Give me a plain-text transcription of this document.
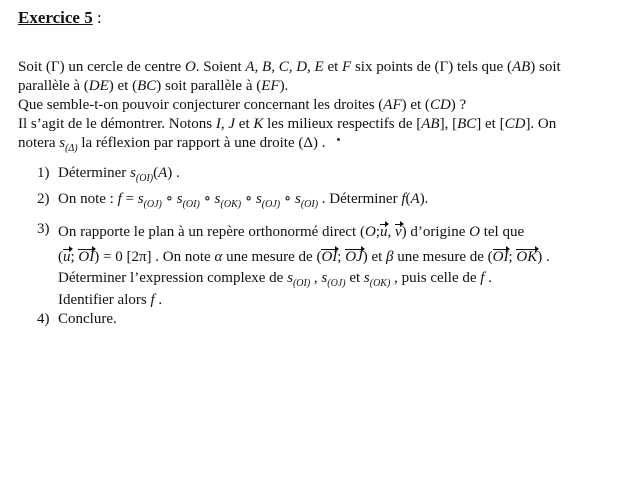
Exercice 5 :
Soit (Γ) un cercle de centre O. Soient A, B, C, D, E et F six points de (Γ) tels que (AB) soit
parallèle à (DE) et (BC) soit parallèle à (EF).
Que semble-t-on pouvoir conjecturer concernant les droites (AF) et (CD) ?
Il s’agit de le démontrer. Notons I, J et K les milieux respectifs de [AB], [BC] et [CD]. On
notera $s_{(\Delta)}$ la réflexion par rapport à une droite (Δ) .
1) Déterminer $s_{(OI)}(A)$ .
2) On note : $f = s_{(OJ)}$ ∘ $s_{(OI)}$ ∘ $s_{(OK)}$ ∘ $s_{(OJ)}$ ∘ $s_{(OI)}$ . Déterminer f(A).
3) On rapporte le plan à un repère orthonormé direct (O;u, v) d’origine O tel que
(u; OI) = 0 [2π] . On note α une mesure de (OI; OJ) et β une mesure de (OI; OK) .
Déterminer l’expression complexe de $s_{(OI)}$ , $s_{(OJ)}$ et $s_{(OK)}$ , puis celle de f .
Identifier alors f .
4) Conclure.
